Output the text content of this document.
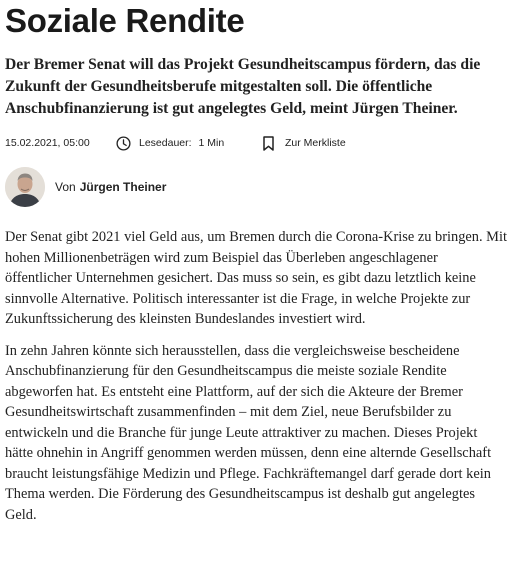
Soziale Rendite

Der Bremer Senat will das Projekt Gesundheitscampus fördern, das die Zukunft der Gesundheitsberufe mitgestalten soll. Die öffentliche Anschubfinanzierung ist gut angelegtes Geld, meint Jürgen Theiner.

15.02.2021, 05:00	Lesedauer: 1 Min	Zur Merkliste
Von Jürgen Theiner

Der Senat gibt 2021 viel Geld aus, um Bremen durch die Corona-Krise zu bringen. Mit hohen Millionenbeträgen wird zum Beispiel das Überleben angeschlagener öffentlicher Unternehmen gesichert. Das muss so sein, es gibt dazu letztlich keine sinnvolle Alternative. Politisch interessanter ist die Frage, in welche Projekte zur Zukunftssicherung des kleinsten Bundeslandes investiert wird.

In zehn Jahren könnte sich herausstellen, dass die vergleichsweise bescheidene Anschubfinanzierung für den Gesundheitscampus die meiste soziale Rendite abgeworfen hat. Es entsteht eine Plattform, auf der sich die Akteure der Bremer Gesundheitswirtschaft zusammenfinden – mit dem Ziel, neue Berufsbilder zu entwickeln und die Branche für junge Leute attraktiver zu machen. Dieses Projekt hätte ohnehin in Angriff genommen werden müssen, denn eine alternde Gesellschaft braucht leistungsfähige Medizin und Pflege. Fachkräftemangel darf gerade dort kein Thema werden. Die Förderung des Gesundheitscampus ist deshalb gut angelegtes Geld.
